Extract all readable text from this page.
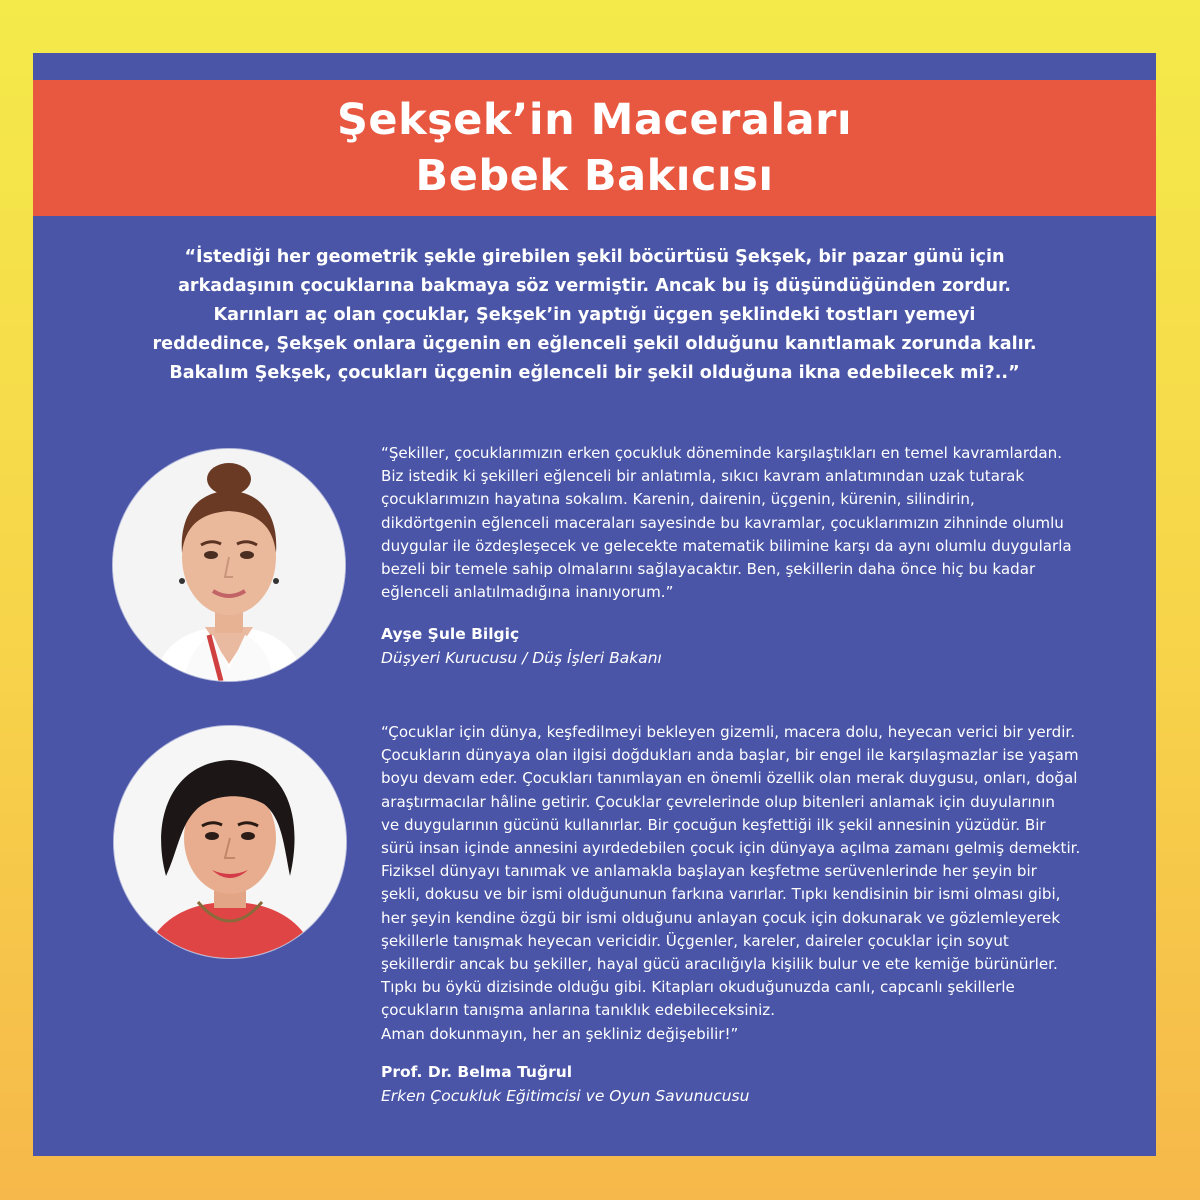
Şekşek’in Maceraları
Bebek Bakıcısı
“İstediği her geometrik şekle girebilen şekil böcürtüsü Şekşek, bir pazar günü için
arkadaşının çocuklarına bakmaya söz vermiştir. Ancak bu iş düşündüğünden zordur.
Karınları aç olan çocuklar, Şekşek’in yaptığı üçgen şeklindeki tostları yemeyi
reddedince, Şekşek onlara üçgenin en eğlenceli şekil olduğunu kanıtlamak zorunda kalır.
Bakalım Şekşek, çocukları üçgenin eğlenceli bir şekil olduğuna ikna edebilecek mi?..”
“Şekiller, çocuklarımızın erken çocukluk döneminde karşılaştıkları en temel kavramlardan.
Biz istedik ki şekilleri eğlenceli bir anlatımla, sıkıcı kavram anlatımından uzak tutarak
çocuklarımızın hayatına sokalım. Karenin, dairenin, üçgenin, kürenin, silindirin,
dikdörtgenin eğlenceli maceraları sayesinde bu kavramlar, çocuklarımızın zihninde olumlu
duygular ile özdeşleşecek ve gelecekte matematik bilimine karşı da aynı olumlu duygularla
bezeli bir temele sahip olmalarını sağlayacaktır. Ben, şekillerin daha önce hiç bu kadar
eğlenceli anlatılmadığına inanıyorum.”
Ayşe Şule Bilgiç
Düşyeri Kurucusu / Düş İşleri Bakanı
“Çocuklar için dünya, keşfedilmeyi bekleyen gizemli, macera dolu, heyecan verici bir yerdir.
Çocukların dünyaya olan ilgisi doğdukları anda başlar, bir engel ile karşılaşmazlar ise yaşam
boyu devam eder. Çocukları tanımlayan en önemli özellik olan merak duygusu, onları, doğal
araştırmacılar hâline getirir. Çocuklar çevrelerinde olup bitenleri anlamak için duyularının
ve duygularının gücünü kullanırlar. Bir çocuğun keşfettiği ilk şekil annesinin yüzüdür. Bir
sürü insan içinde annesini ayırdedebilen çocuk için dünyaya açılma zamanı gelmiş demektir.
Fiziksel dünyayı tanımak ve anlamakla başlayan keşfetme serüvenlerinde her şeyin bir
şekli, dokusu ve bir ismi olduğununun farkına varırlar. Tıpkı kendisinin bir ismi olması gibi,
her şeyin kendine özgü bir ismi olduğunu anlayan çocuk için dokunarak ve gözlemleyerek
şekillerle tanışmak heyecan vericidir. Üçgenler, kareler, daireler çocuklar için soyut
şekillerdir ancak bu şekiller, hayal gücü aracılığıyla kişilik bulur ve ete kemiğe bürünürler.
Tıpkı bu öykü dizisinde olduğu gibi. Kitapları okuduğunuzda canlı, capcanlı şekillerle
çocukların tanışma anlarına tanıklık edebileceksiniz.
Aman dokunmayın, her an şekliniz değişebilir!”
Prof. Dr. Belma Tuğrul
Erken Çocukluk Eğitimcisi ve Oyun Savunucusu
